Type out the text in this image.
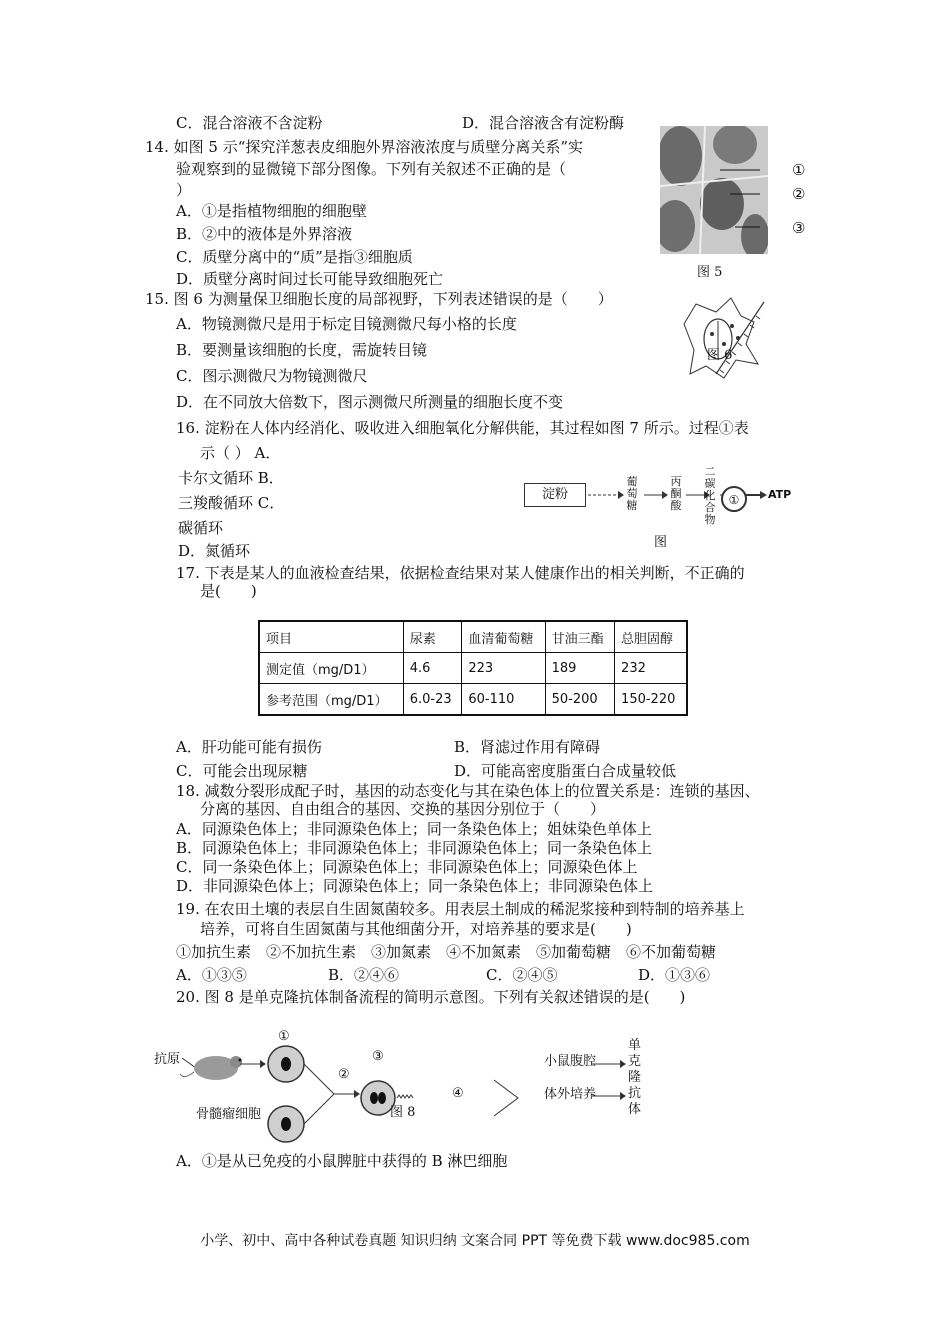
C．混合溶液不含淀粉	D．混合溶液含有淀粉酶
14. 如图 5 示“探究洋葱表皮细胞外界溶液浓度与质壁分离关系”实
验观察到的显微镜下部分图像。下列有关叙述不正确的是（
）
A．①是指植物细胞的细胞壁
B．②中的液体是外界溶液
C．质壁分离中的“质”是指③细胞质
D．质壁分离时间过长可能导致细胞死亡
①
②
③
图 5
15. 图 6 为测量保卫细胞长度的局部视野，下列表述错误的是（　　）
A．物镜测微尺是用于标定目镜测微尺每小格的长度
B．要测量该细胞的长度，需旋转目镜
C．图示测微尺为物镜测微尺
D．在不同放大倍数下，图示测微尺所测量的细胞长度不变
图 6
16. 淀粉在人体内经消化、吸收进入细胞氧化分解供能，其过程如图 7 所示。过程①表
示（ ） A．
卡尔文循环 B．
三羧酸循环 C．
碳循环
D．氮循环
淀粉
葡萄糖
丙酮酸
二碳化合物
①	ATP
图
17. 下表是某人的血液检查结果，依据检查结果对某人健康作出的相关判断，不正确的
是(　　)
项目	尿素	血清葡萄糖	甘油三酯	总胆固醇
测定值（mg/D1）	4.6	223	189	232
参考范围（mg/D1）	6.0-23	60-110	50-200	150-220
A．肝功能可能有损伤	B．肾滤过作用有障碍
C．可能会出现尿糖	D．可能高密度脂蛋白合成量较低
18. 减数分裂形成配子时，基因的动态变化与其在染色体上的位置关系是：连锁的基因、
分离的基因、自由组合的基因、交换的基因分别位于（　　）
A．同源染色体上；非同源染色体上；同一条染色体上；姐妹染色单体上
B．同源染色体上；非同源染色体上；非同源染色体上；同一条染色体上
C．同一条染色体上；同源染色体上；非同源染色体上；同源染色体上
D．非同源染色体上；同源染色体上；同一条染色体上；非同源染色体上
19. 在农田土壤的表层自生固氮菌较多。用表层土制成的稀泥浆接种到特制的培养基上
培养，可将自生固氮菌与其他细菌分开，对培养基的要求是(　　)
①加抗生素　②不加抗生素　③加氮素　④不加氮素　⑤加葡萄糖　⑥不加葡萄糖
A．①③⑤	B．②④⑥	C．②④⑤	D．①③⑥
20. 图 8 是单克隆抗体制备流程的简明示意图。下列有关叙述错误的是(　　)
抗原
①
②
③
④
图 8
骨髓瘤细胞
小鼠腹腔
体外培养
单克隆抗体
A．①是从已免疫的小鼠脾脏中获得的 B 淋巴细胞
小学、初中、高中各种试卷真题 知识归纳 文案合同 PPT 等免费下载 www.doc985.com
